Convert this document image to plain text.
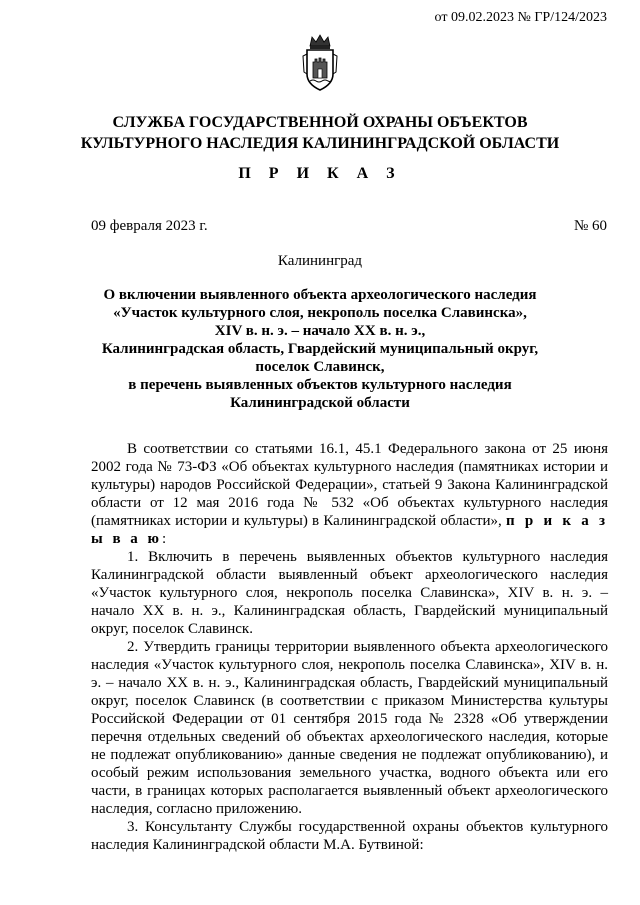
от 09.02.2023 № ГР/124/2023
СЛУЖБА ГОСУДАРСТВЕННОЙ ОХРАНЫ ОБЪЕКТОВ
КУЛЬТУРНОГО НАСЛЕДИЯ КАЛИНИНГРАДСКОЙ ОБЛАСТИ
П Р И К А З
09 февраля 2023 г.	№ 60
Калининград
О включении выявленного объекта археологического наследия
«Участок культурного слоя, некрополь поселка Славинска»,
XIV в. н. э. – начало XX в. н. э.,
Калининградская область, Гвардейский муниципальный округ,
поселок Славинск,
в перечень выявленных объектов культурного наследия
Калининградской области

В соответствии со статьями 16.1, 45.1 Федерального закона от 25 июня 2002 года № 73-ФЗ «Об объектах культурного наследия (памятниках истории и культуры) народов Российской Федерации», статьей 9 Закона Калининградской области от 12 мая 2016 года № 532 «Об объектах культурного наследия (памятниках истории и культуры) в Калининградской области», п р и к а з ы в а ю:

1. Включить в перечень выявленных объектов культурного наследия Калининградской области выявленный объект археологического наследия «Участок культурного слоя, некрополь поселка Славинска», XIV в. н. э. – начало XX в. н. э., Калининградская область, Гвардейский муниципальный округ, поселок Славинск.

2. Утвердить границы территории выявленного объекта археологического наследия «Участок культурного слоя, некрополь поселка Славинска», XIV в. н. э. – начало XX в. н. э., Калининградская область, Гвардейский муниципальный округ, поселок Славинск (в соответствии с приказом Министерства культуры Российской Федерации от 01 сентября 2015 года № 2328 «Об утверждении перечня отдельных сведений об объектах археологического наследия, которые не подлежат опубликованию» данные сведения не подлежат опубликованию), и особый режим использования земельного участка, водного объекта или его части, в границах которых располагается выявленный объект археологического наследия, согласно приложению.

3. Консультанту Службы государственной охраны объектов культурного наследия Калининградской области М.А. Бутвиной:
